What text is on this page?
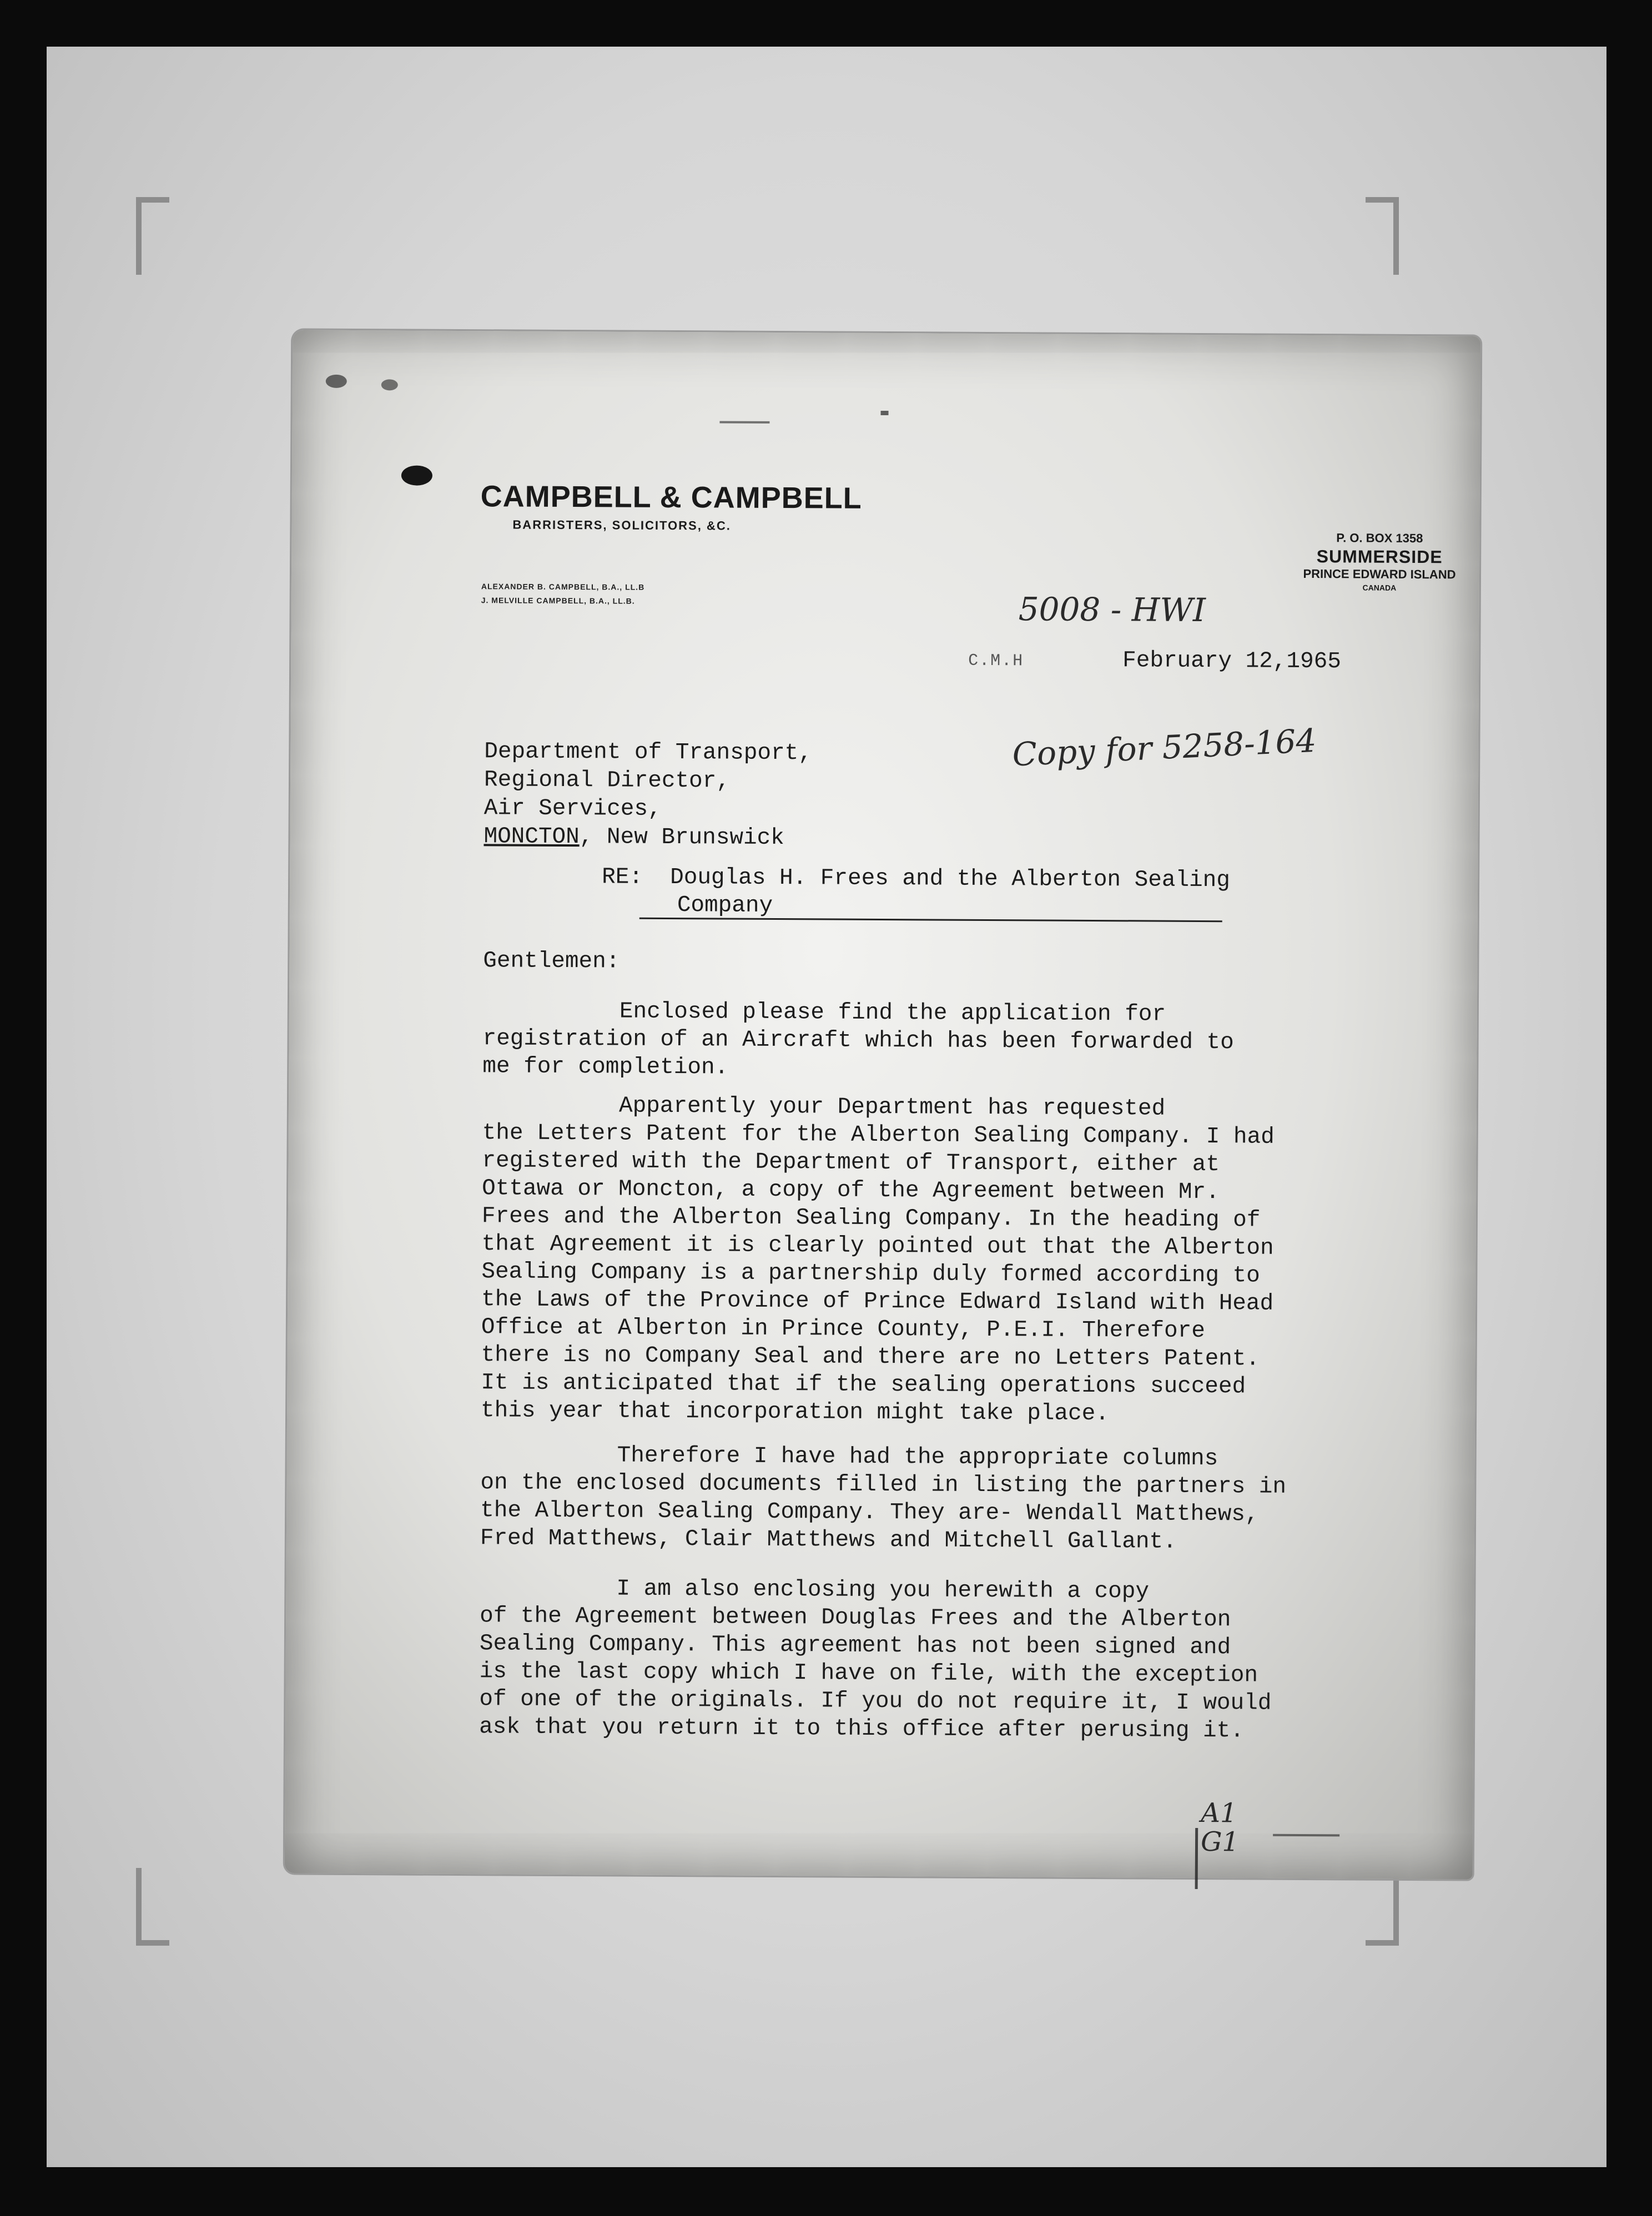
CAMPBELL & CAMPBELL
BARRISTERS, SOLICITORS, &C.
ALEXANDER B. CAMPBELL, B.A., LL.B
J. MELVILLE CAMPBELL, B.A., LL.B.
P. O. BOX 1358
SUMMERSIDE
PRINCE EDWARD ISLAND
CANADA
5008 - HWI
Copy for 5258-164
C.M.H	February 12,1965
Department of Transport,
Regional Director,
Air Services,
MONCTON, New Brunswick
RE: Douglas H. Frees and the Alberton Sealing
Company
Gentlemen:
Enclosed please find the application for
registration of an Aircraft which has been forwarded to
me for completion.
Apparently your Department has requested
the Letters Patent for the Alberton Sealing Company. I had
registered with the Department of Transport, either at
Ottawa or Moncton, a copy of the Agreement between Mr.
Frees and the Alberton Sealing Company. In the heading of
that Agreement it is clearly pointed out that the Alberton
Sealing Company is a partnership duly formed according to
the Laws of the Province of Prince Edward Island with Head
Office at Alberton in Prince County, P.E.I. Therefore
there is no Company Seal and there are no Letters Patent.
It is anticipated that if the sealing operations succeed
this year that incorporation might take place.
Therefore I have had the appropriate columns
on the enclosed documents filled in listing the partners in
the Alberton Sealing Company. They are- Wendall Matthews,
Fred Matthews, Clair Matthews and Mitchell Gallant.
I am also enclosing you herewith a copy
of the Agreement between Douglas Frees and the Alberton
Sealing Company. This agreement has not been signed and
is the last copy which I have on file, with the exception
of one of the originals. If you do not require it, I would
ask that you return it to this office after perusing it.
A1
G1
